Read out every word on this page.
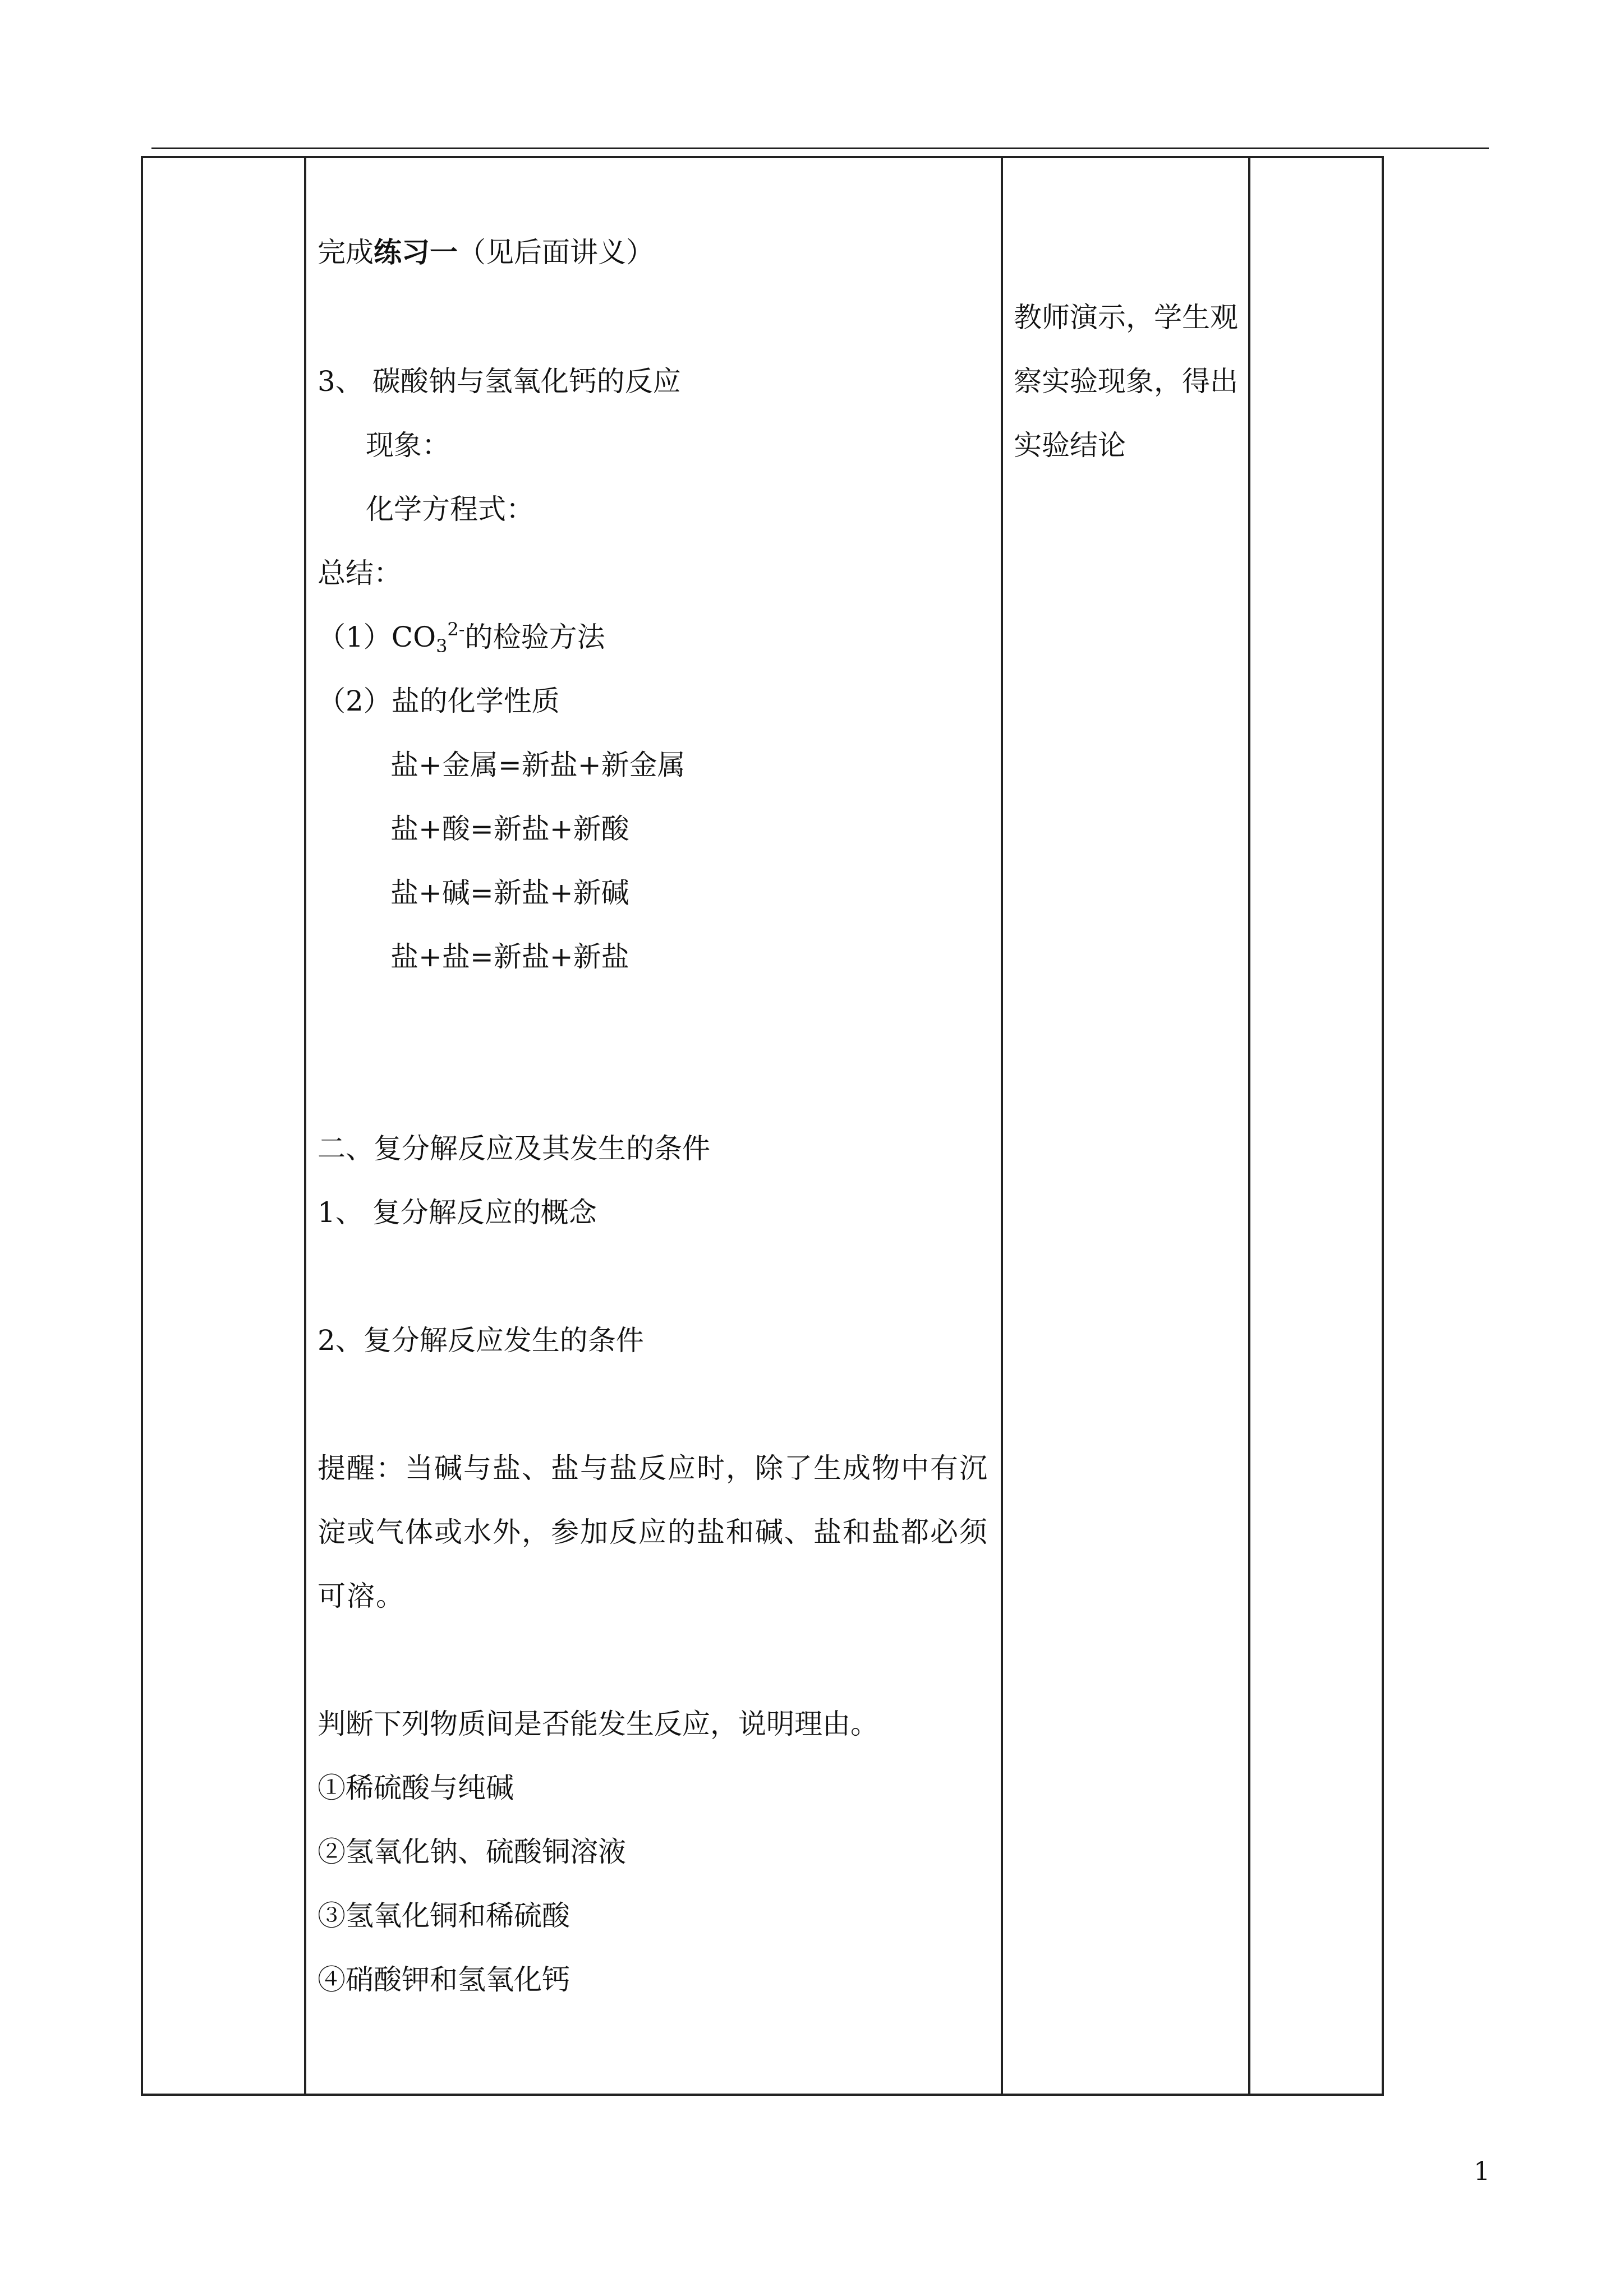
完成练习一（见后面讲义）
3、 碳酸钠与氢氧化钙的反应
现象：
化学方程式：
总结：
$(1)CO_3^{2-}$的检验方法
（2）盐的化学性质
盐+金属=新盐+新金属
盐+酸=新盐+新酸
盐+碱=新盐+新碱
盐+盐=新盐+新盐
二、复分解反应及其发生的条件
1、 复分解反应的概念
2、复分解反应发生的条件
提醒：当碱与盐、盐与盐反应时，除了生成物中有沉
淀或气体或水外，参加反应的盐和碱、盐和盐都必须
可溶。
判断下列物质间是否能发生反应，说明理由。
①稀硫酸与纯碱
②氢氧化钠、硫酸铜溶液
③氢氧化铜和稀硫酸
④硝酸钾和氢氧化钙
教师演示，学生观
察实验现象，得出
实验结论
1
